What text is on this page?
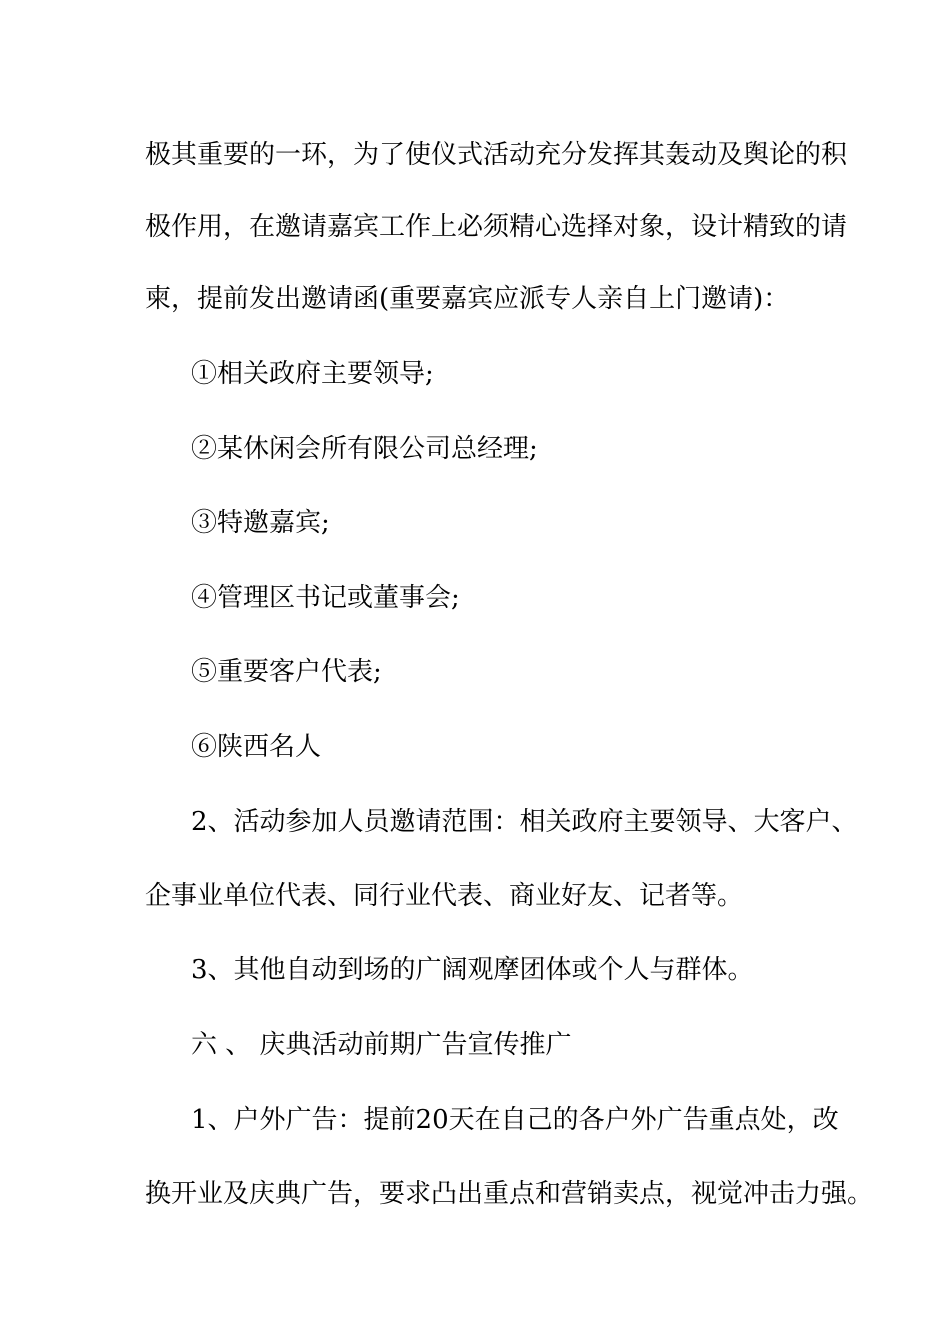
极其重要的一环，为了使仪式活动充分发挥其轰动及舆论的积
极作用，在邀请嘉宾工作上必须精心选择对象，设计精致的请
柬，提前发出邀请函(重要嘉宾应派专人亲自上门邀请)：
①相关政府主要领导;
②某休闲会所有限公司总经理;
③特邀嘉宾;
④管理区书记或董事会;
⑤重要客户代表;
⑥陕西名人
2、活动参加人员邀请范围：相关政府主要领导、大客户、
企事业单位代表、同行业代表、商业好友、记者等。
3、其他自动到场的广阔观摩团体或个人与群体。
六 、 庆典活动前期广告宣传推广
1、户外广告：提前20天在自己的各户外广告重点处，改
换开业及庆典广告，要求凸出重点和营销卖点，视觉冲击力强。
